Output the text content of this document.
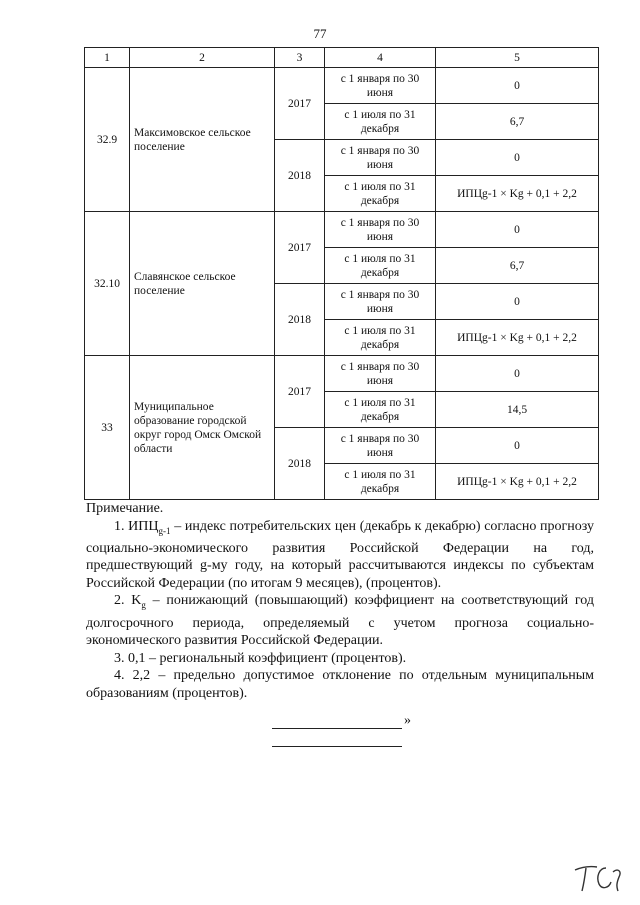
77
1	2	3	4	5
32.9	Максимовское сельское поселение	2017	с 1 января по 30 июня	0
			с 1 июля по 31 декабря	6,7
		2018	с 1 января по 30 июня	0
			с 1 июля по 31 декабря	ИПЦg-1 × Kg + 0,1 + 2,2
32.10	Славянское сельское поселение	2017	с 1 января по 30 июня	0
			с 1 июля по 31 декабря	6,7
		2018	с 1 января по 30 июня	0
			с 1 июля по 31 декабря	ИПЦg-1 × Kg + 0,1 + 2,2
33	Муниципальное образование городской округ город Омск Омской области	2017	с 1 января по 30 июня	0
			с 1 июля по 31 декабря	14,5
		2018	с 1 января по 30 июня	0
			с 1 июля по 31 декабря	ИПЦg-1 × Kg + 0,1 + 2,2

Примечание.

1. $ИПЦ_{g-1}$ – индекс потребительских цен (декабрь к декабрю) согласно прогнозу социально-экономического развития Российской Федерации на год, предшествующий g-му году, на который рассчитываются индексы по субъектам Российской Федерации (по итогам 9 месяцев), (процентов).

2. $K_g$ – понижающий (повышающий) коэффициент на соответствующий год долгосрочного периода, определяемый с учетом прогноза социально-экономического развития Российской Федерации.

3. 0,1 – региональный коэффициент (процентов).

4. 2,2 – предельно допустимое отклонение по отдельным муниципальным образованиям (процентов).

»
